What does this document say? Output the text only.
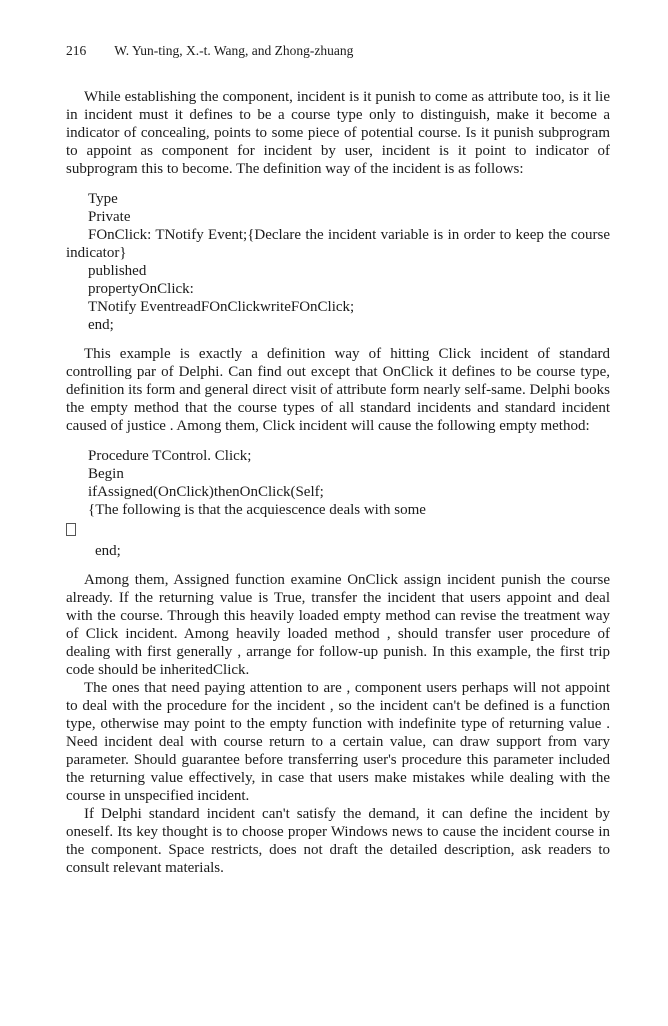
216 W. Yun-ting, X.-t. Wang, and Zhong-zhuang

While establishing the component, incident is it punish to come as attribute too, is it lie in incident must it defines to be a course type only to distinguish, make it become a indicator of concealing, points to some piece of potential course. Is it punish subprogram to appoint as component for incident by user, incident is it point to indicator of subprogram this to become. The definition way of the incident is as follows:

Type

Private

FOnClick: TNotify Event;{Declare the incident variable is in order to keep the course indicator}

published

propertyOnClick:

TNotify EventreadFOnClickwriteFOnClick;

end;

This example is exactly a definition way of hitting Click incident of standard controlling par of Delphi. Can find out except that OnClick it defines to be course type, definition its form and general direct visit of attribute form nearly self-same. Delphi books the empty method that the course types of all standard incidents and standard incident caused of justice . Among them, Click incident will cause the following empty method:

Procedure TControl. Click;

Begin

ifAssigned(OnClick)thenOnClick(Self;

{The following is that the acquiescence deals with some

end;

Among them, Assigned function examine OnClick assign incident punish the course already. If the returning value is True, transfer the incident that users appoint and deal with the course. Through this heavily loaded empty method can revise the treatment way of Click incident. Among heavily loaded method , should transfer user procedure of dealing with first generally , arrange for follow-up punish. In this example, the first trip code should be inheritedClick.

The ones that need paying attention to are , component users perhaps will not appoint to deal with the procedure for the incident , so the incident can't be defined is a function type, otherwise may point to the empty function with indefinite type of returning value . Need incident deal with course return to a certain value, can draw support from vary parameter. Should guarantee before transferring user's procedure this parameter included the returning value effectively, in case that users make mistakes while dealing with the course in unspecified incident.

If Delphi standard incident can't satisfy the demand, it can define the incident by oneself. Its key thought is to choose proper Windows news to cause the incident course in the component. Space restricts, does not draft the detailed description, ask readers to consult relevant materials.
